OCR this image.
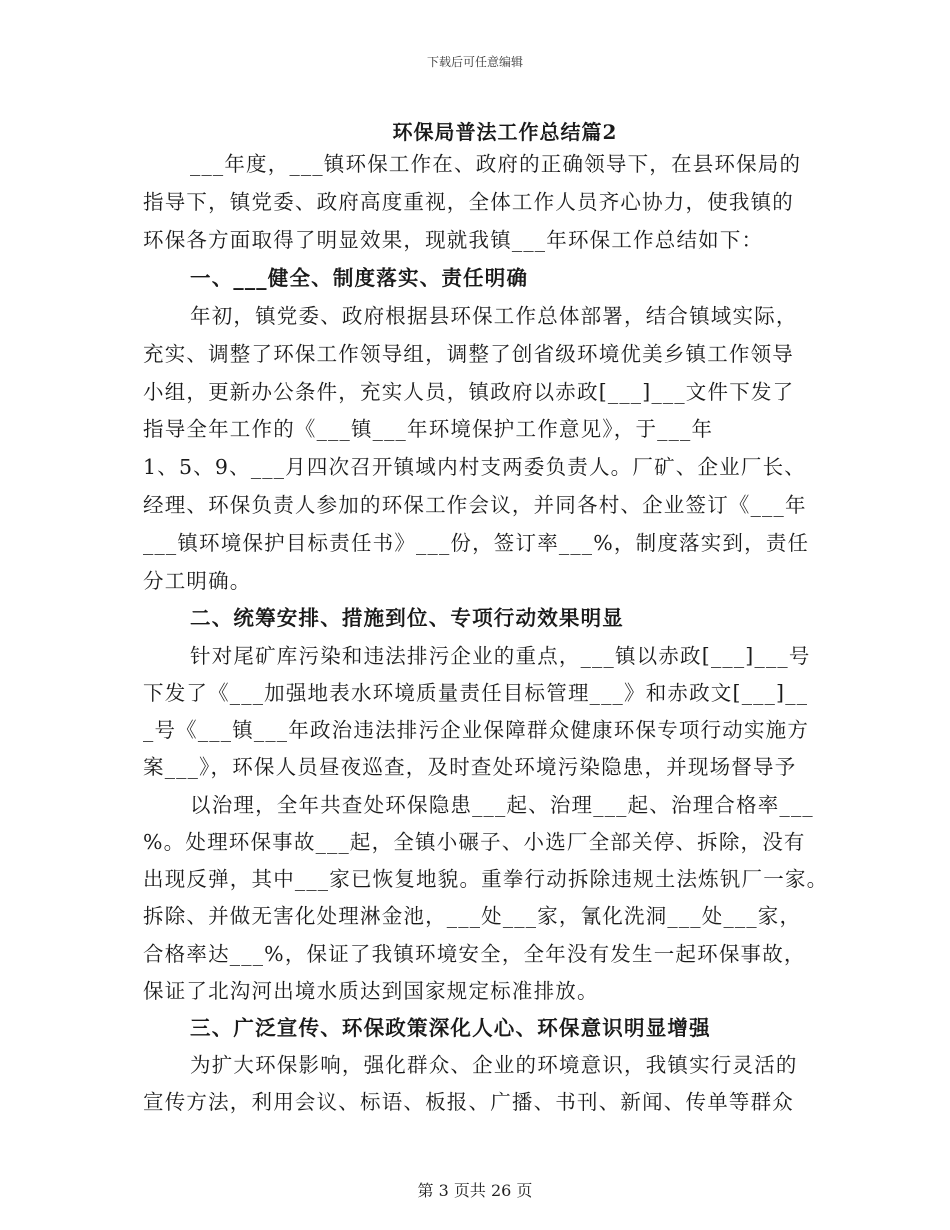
下载后可任意编辑
环保局普法工作总结篇2
___年度，___镇环保工作在、政府的正确领导下，在县环保局的
指导下，镇党委、政府高度重视，全体工作人员齐心协力，使我镇的
环保各方面取得了明显效果，现就我镇___年环保工作总结如下：
一、___健全、制度落实、责任明确
年初，镇党委、政府根据县环保工作总体部署，结合镇域实际，
充实、调整了环保工作领导组，调整了创省级环境优美乡镇工作领导
小组，更新办公条件，充实人员，镇政府以赤政[___]___文件下发了
指导全年工作的《___镇___年环境保护工作意见》，于___年
1、5、9、___月四次召开镇域内村支两委负责人。厂矿、企业厂长、
经理、环保负责人参加的环保工作会议，并同各村、企业签订《___年
___镇环境保护目标责任书》___份，签订率___%，制度落实到，责任
分工明确。
二、统筹安排、措施到位、专项行动效果明显
针对尾矿库污染和违法排污企业的重点，___镇以赤政[___]___号
下发了《___加强地表水环境质量责任目标管理___》和赤政文[___]__
_号《___镇___年政治违法排污企业保障群众健康环保专项行动实施方
案___》，环保人员昼夜巡查，及时查处环境污染隐患，并现场督导予
以治理，全年共查处环保隐患___起、治理___起、治理合格率___
%。处理环保事故___起，全镇小碾子、小选厂全部关停、拆除，没有
出现反弹，其中___家已恢复地貌。重拳行动拆除违规土法炼钒厂一家。
拆除、并做无害化处理淋金池，___处___家，氰化洗洞___处___家，
合格率达___%，保证了我镇环境安全，全年没有发生一起环保事故，
保证了北沟河出境水质达到国家规定标准排放。
三、广泛宣传、环保政策深化人心、环保意识明显增强
为扩大环保影响，强化群众、企业的环境意识，我镇实行灵活的
宣传方法，利用会议、标语、板报、广播、书刊、新闻、传单等群众
第 3 页共 26 页
